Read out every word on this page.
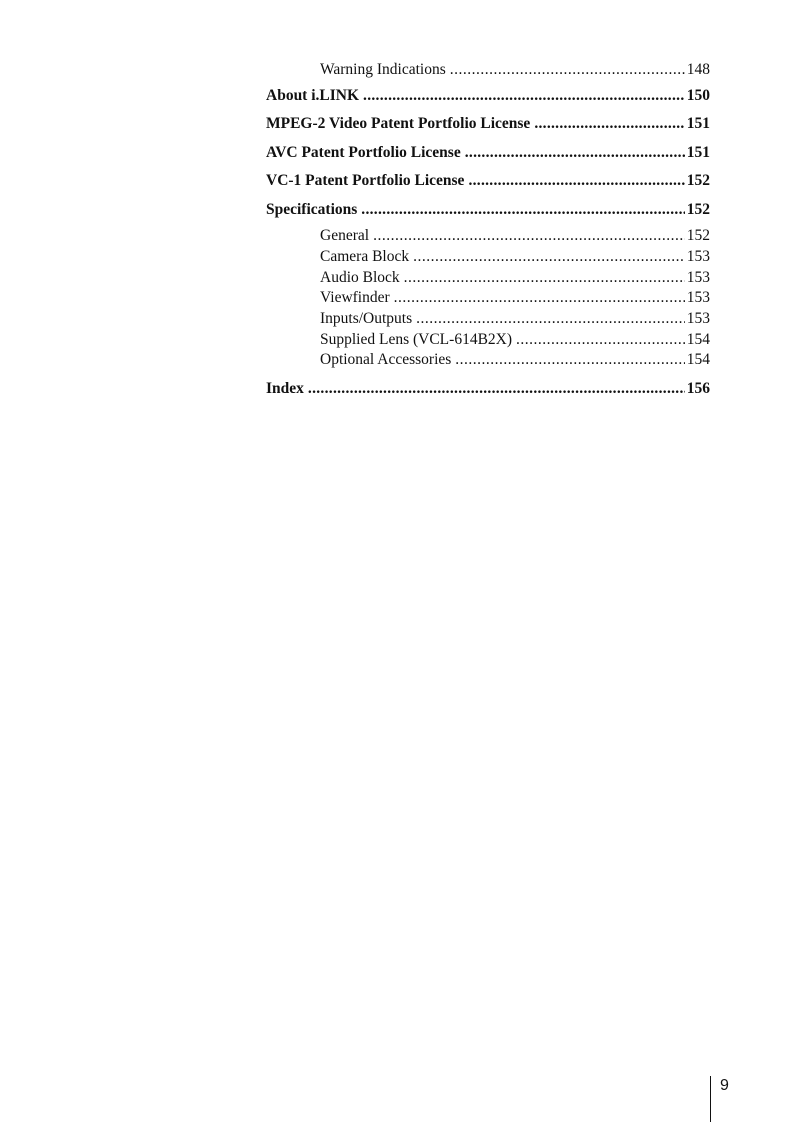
Warning Indications .....	148
About i.LINK .....	150
MPEG-2 Video Patent Portfolio License .....	151
AVC Patent Portfolio License .....	151
VC-1 Patent Portfolio License .....	152
Specifications .....	152
General .....	152
Camera Block .....	153
Audio Block .....	153
Viewfinder .....	153
Inputs/Outputs .....	153
Supplied Lens (VCL-614B2X) .....	154
Optional Accessories .....	154
Index .....	156
9
